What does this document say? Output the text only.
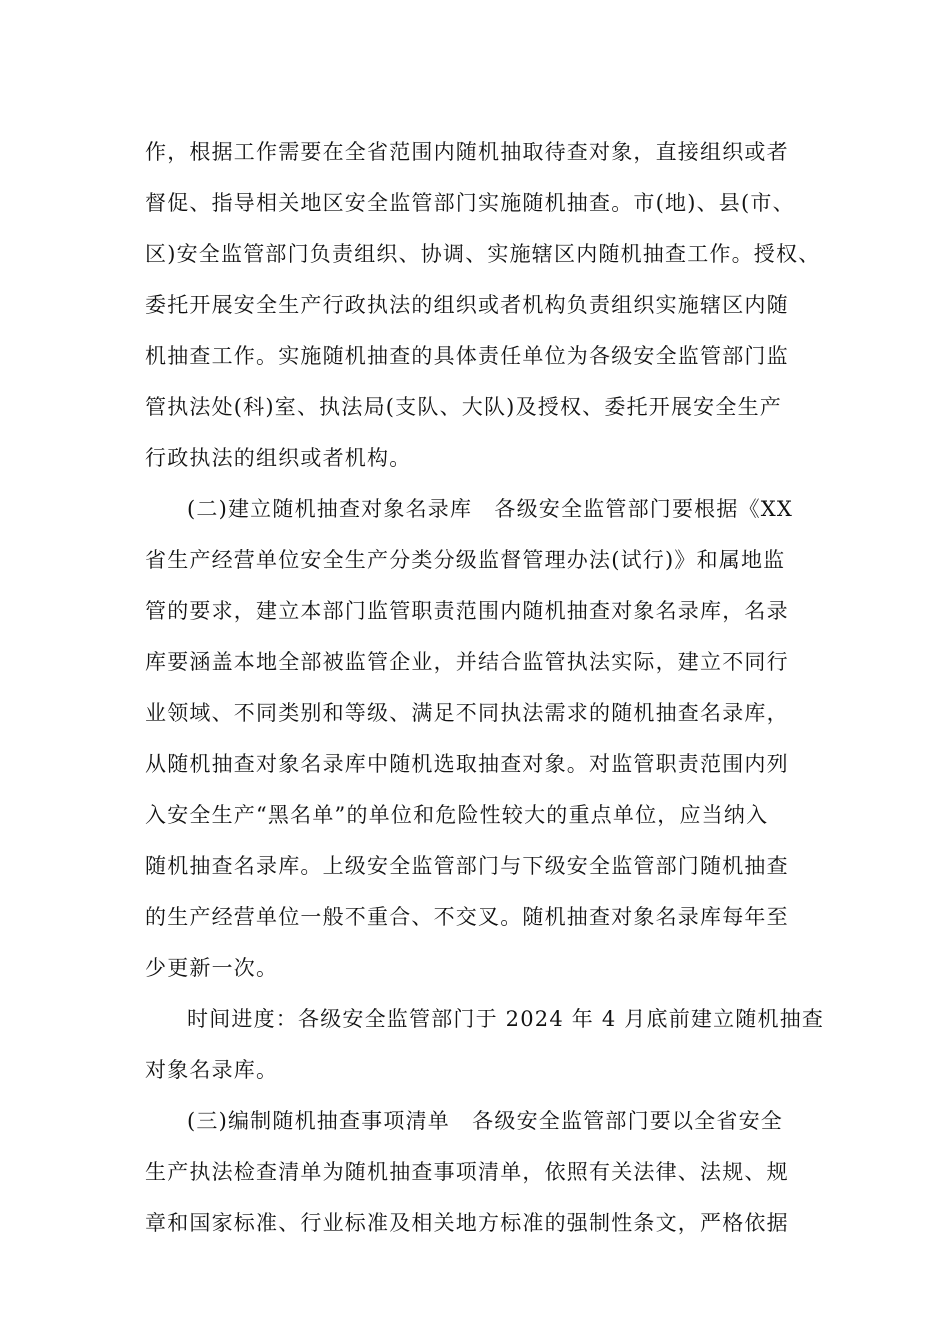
作，根据工作需要在全省范围内随机抽取待查对象，直接组织或者
督促、指导相关地区安全监管部门实施随机抽查。市(地)、县(市、
区)安全监管部门负责组织、协调、实施辖区内随机抽查工作。授权、
委托开展安全生产行政执法的组织或者机构负责组织实施辖区内随
机抽查工作。实施随机抽查的具体责任单位为各级安全监管部门监
管执法处(科)室、执法局(支队、大队)及授权、委托开展安全生产
行政执法的组织或者机构。
(二)建立随机抽查对象名录库　各级安全监管部门要根据《XX
省生产经营单位安全生产分类分级监督管理办法(试行)》和属地监
管的要求，建立本部门监管职责范围内随机抽查对象名录库，名录
库要涵盖本地全部被监管企业，并结合监管执法实际，建立不同行
业领域、不同类别和等级、满足不同执法需求的随机抽查名录库，
从随机抽查对象名录库中随机选取抽查对象。对监管职责范围内列
入安全生产“黑名单”的单位和危险性较大的重点单位，应当纳入
随机抽查名录库。上级安全监管部门与下级安全监管部门随机抽查
的生产经营单位一般不重合、不交叉。随机抽查对象名录库每年至
少更新一次。
时间进度：各级安全监管部门于 2024 年 4 月底前建立随机抽查
对象名录库。
(三)编制随机抽查事项清单　各级安全监管部门要以全省安全
生产执法检查清单为随机抽查事项清单，依照有关法律、法规、规
章和国家标准、行业标准及相关地方标准的强制性条文，严格依据
